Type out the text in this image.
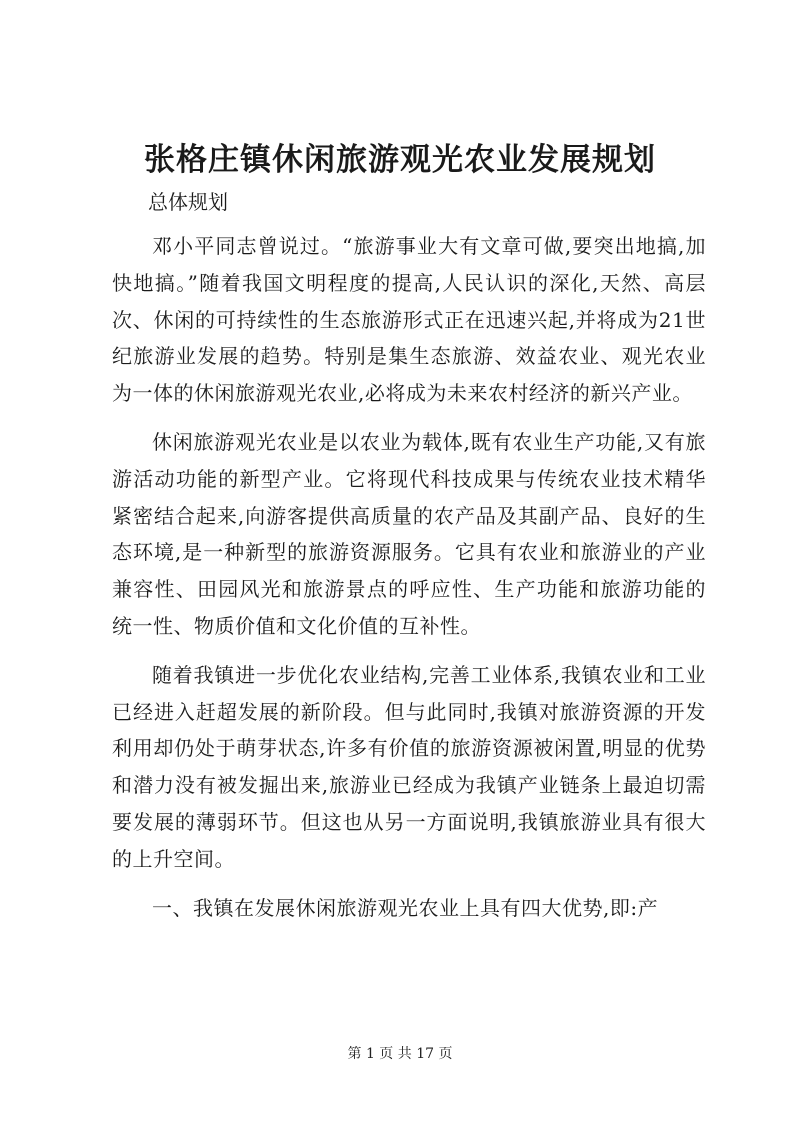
张格庄镇休闲旅游观光农业发展规划
总体规划

邓小平同志曾说过。“旅游事业大有文章可做,要突出地搞,加快地搞。”随着我国文明程度的提高,人民认识的深化,天然、高层次、休闲的可持续性的生态旅游形式正在迅速兴起,并将成为21世纪旅游业发展的趋势。特别是集生态旅游、效益农业、观光农业为一体的休闲旅游观光农业,必将成为未来农村经济的新兴产业。

休闲旅游观光农业是以农业为载体,既有农业生产功能,又有旅游活动功能的新型产业。它将现代科技成果与传统农业技术精华紧密结合起来,向游客提供高质量的农产品及其副产品、良好的生态环境,是一种新型的旅游资源服务。它具有农业和旅游业的产业兼容性、田园风光和旅游景点的呼应性、生产功能和旅游功能的统一性、物质价值和文化价值的互补性。

随着我镇进一步优化农业结构,完善工业体系,我镇农业和工业已经进入赶超发展的新阶段。但与此同时,我镇对旅游资源的开发利用却仍处于萌芽状态,许多有价值的旅游资源被闲置,明显的优势和潜力没有被发掘出来,旅游业已经成为我镇产业链条上最迫切需要发展的薄弱环节。但这也从另一方面说明,我镇旅游业具有很大的上升空间。

一、我镇在发展休闲旅游观光农业上具有四大优势,即:产

第 1 页 共 17 页
